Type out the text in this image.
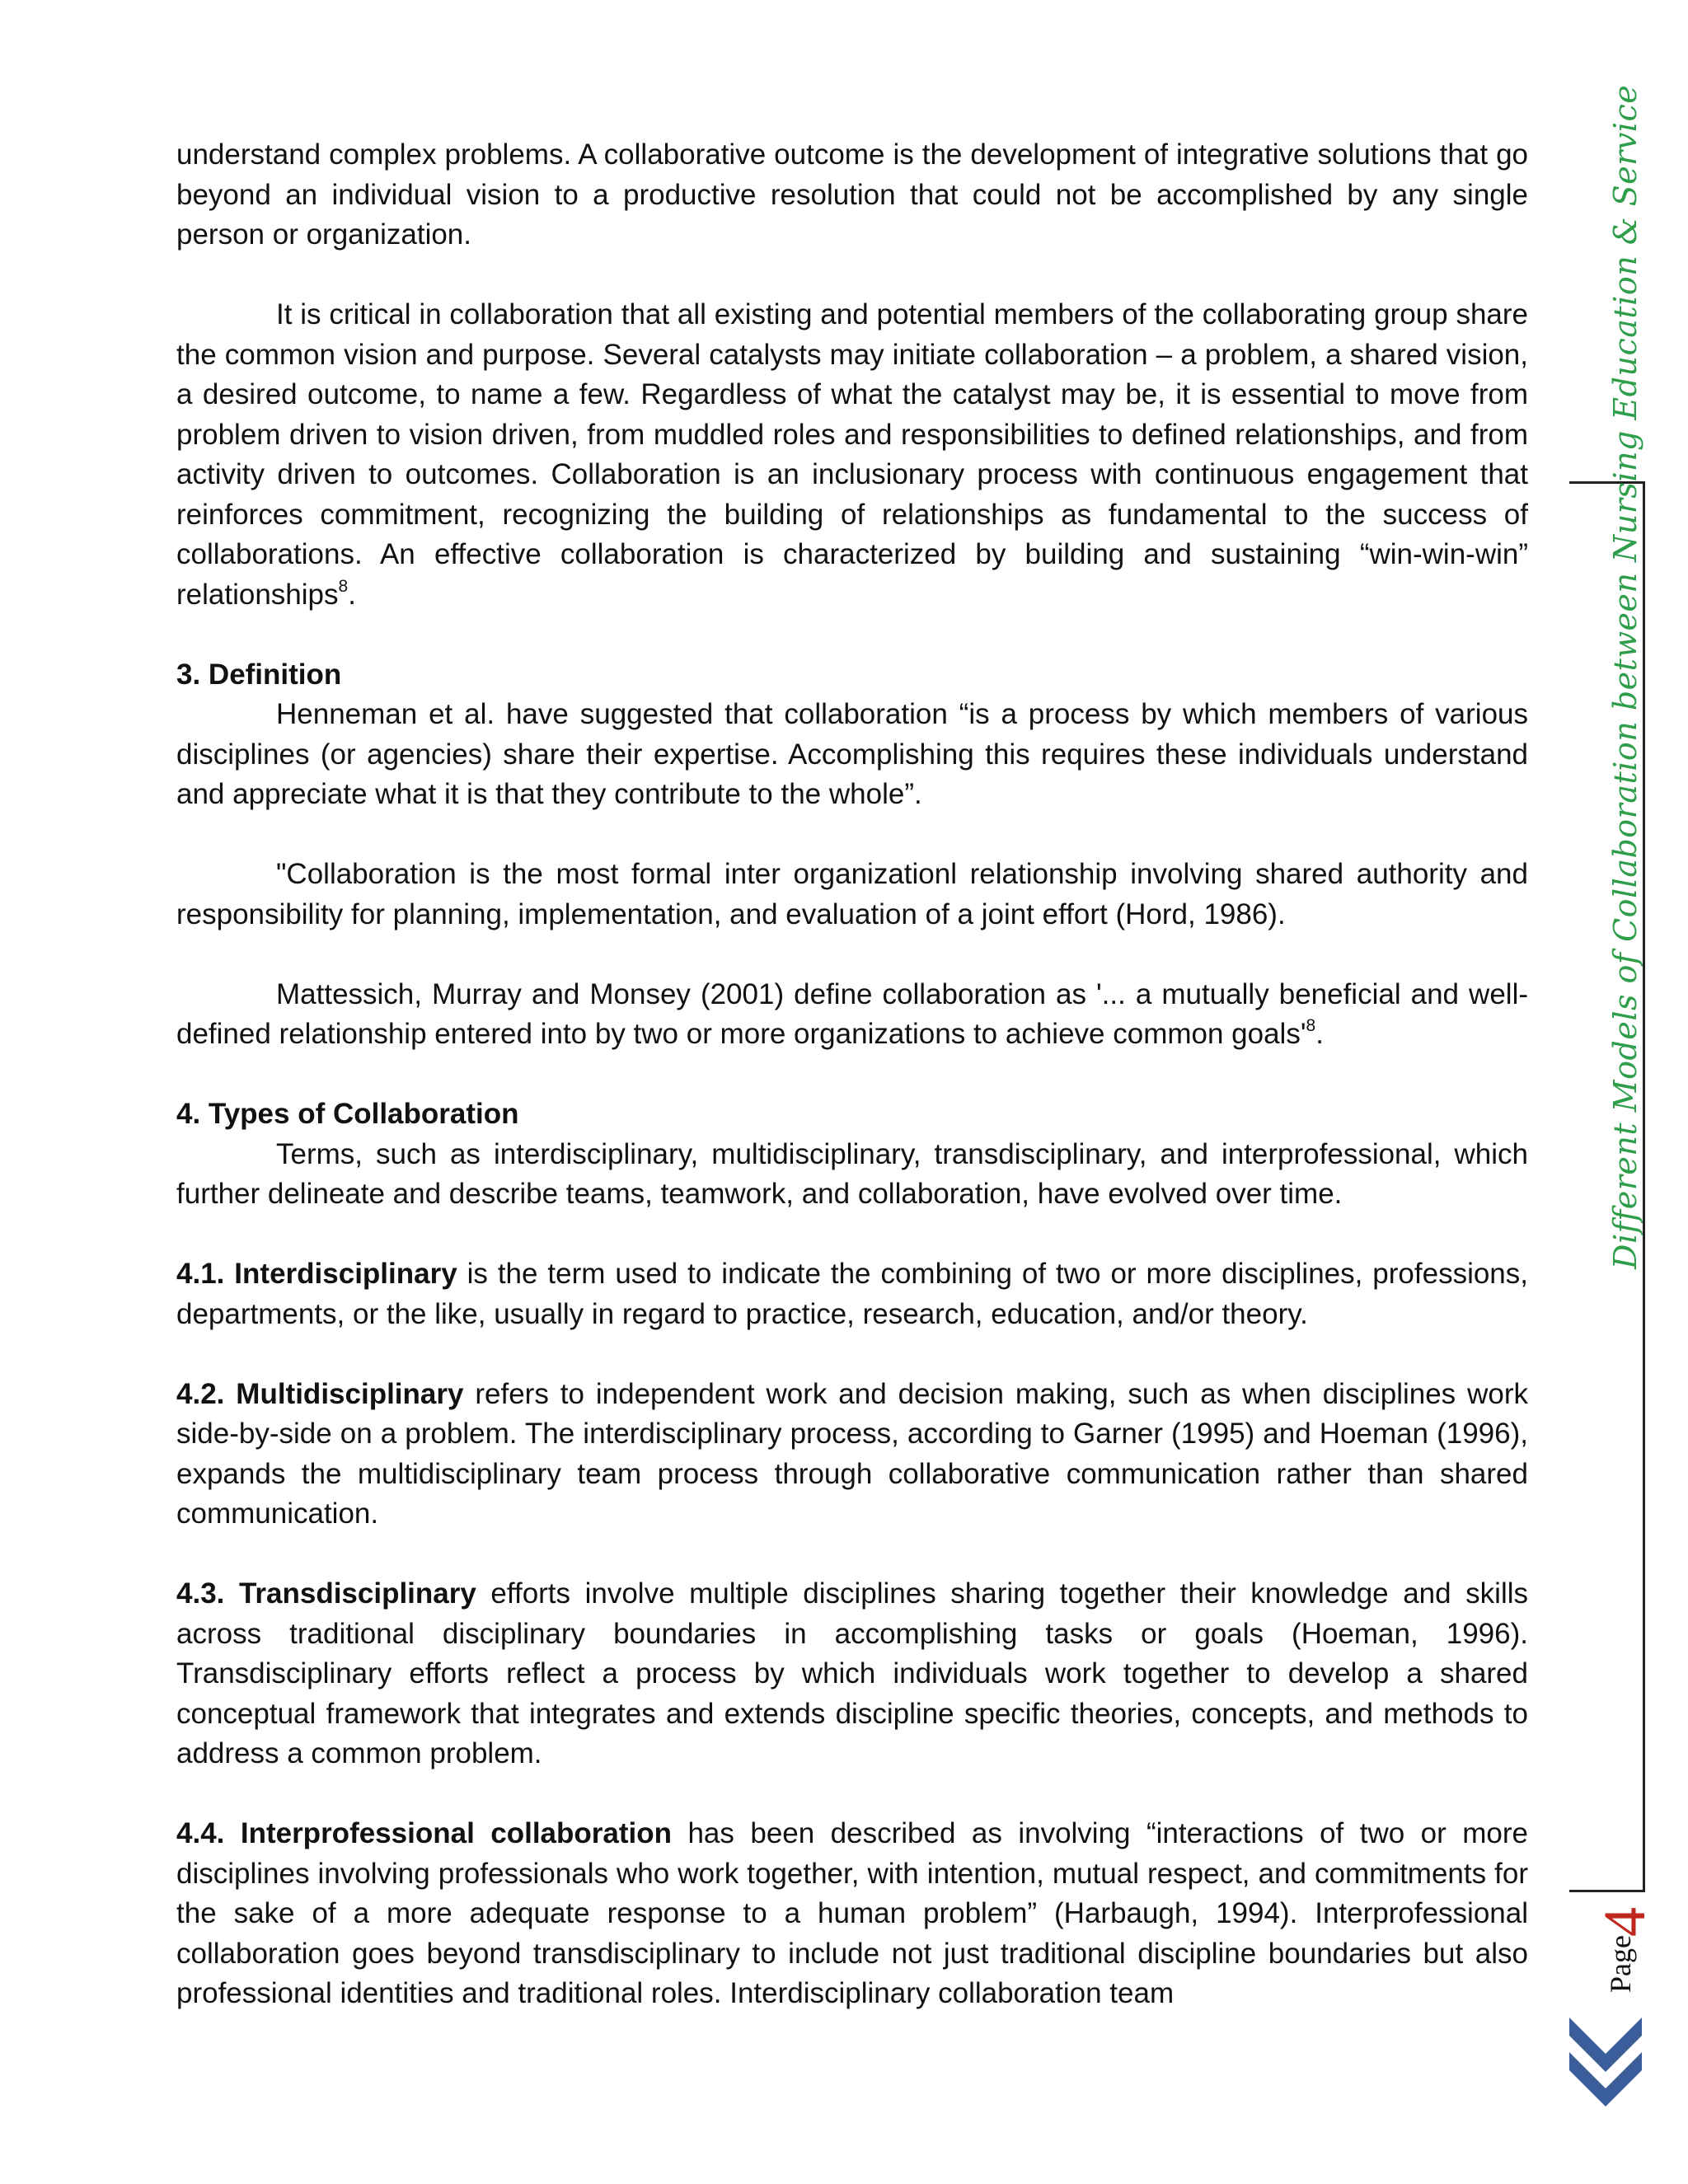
understand complex problems. A collaborative outcome is the development of integrative solutions that go beyond an individual vision to a productive resolution that could not be accomplished by any single person or organization.

It is critical in collaboration that all existing and potential members of the collaborating group share the common vision and purpose. Several catalysts may initiate collaboration – a problem, a shared vision, a desired outcome, to name a few. Regardless of what the catalyst may be, it is essential to move from problem driven to vision driven, from muddled roles and responsibilities to defined relationships, and from activity driven to outcomes. Collaboration is an inclusionary process with continuous engagement that reinforces commitment, recognizing the building of relationships as fundamental to the success of collaborations. An effective collaboration is characterized by building and sustaining “win-win-win” relationships$^8$.

3. Definition

Henneman et al. have suggested that collaboration “is a process by which members of various disciplines (or agencies) share their expertise. Accomplishing this requires these individuals understand and appreciate what it is that they contribute to the whole”.

"Collaboration is the most formal inter organizationl relationship involving shared authority and responsibility for planning, implementation, and evaluation of a joint effort (Hord, 1986).

Mattessich, Murray and Monsey (2001) define collaboration as '... a mutually beneficial and well-defined relationship entered into by two or more organizations to achieve common $goals'^8$.

4. Types of Collaboration

Terms, such as interdisciplinary, multidisciplinary, transdisciplinary, and interprofessional, which further delineate and describe teams, teamwork, and collaboration, have evolved over time.

4.1. Interdisciplinary is the term used to indicate the combining of two or more disciplines, professions, departments, or the like, usually in regard to practice, research, education, and/or theory.

4.2. Multidisciplinary refers to independent work and decision making, such as when disciplines work side-by-side on a problem. The interdisciplinary process, according to Garner (1995) and Hoeman (1996), expands the multidisciplinary team process through collaborative communication rather than shared communication.

4.3. Transdisciplinary efforts involve multiple disciplines sharing together their knowledge and skills across traditional disciplinary boundaries in accomplishing tasks or goals (Hoeman, 1996). Transdisciplinary efforts reflect a process by which individuals work together to develop a shared conceptual framework that integrates and extends discipline specific theories, concepts, and methods to address a common problem.

4.4. Interprofessional collaboration has been described as involving “interactions of two or more disciplines involving professionals who work together, with intention, mutual respect, and commitments for the sake of a more adequate response to a human problem” (Harbaugh, 1994). Interprofessional collaboration goes beyond transdisciplinary to include not just traditional discipline boundaries but also professional identities and traditional roles. Interdisciplinary collaboration team

Different Models of Collaboration between Nursing Education & Service
4
Page
